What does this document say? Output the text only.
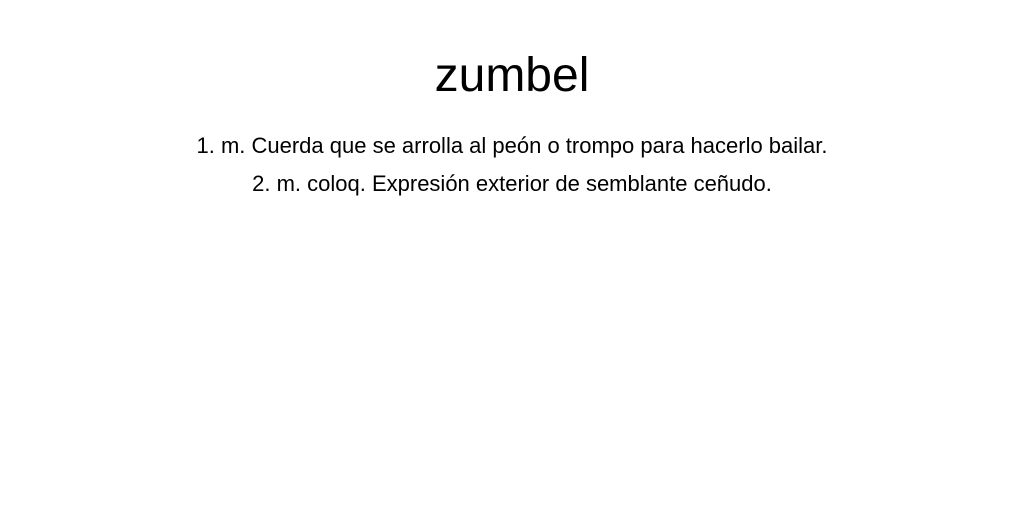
zumbel
1. m. Cuerda que se arrolla al peón o trompo para hacerlo bailar.
2. m. coloq. Expresión exterior de semblante ceñudo.
